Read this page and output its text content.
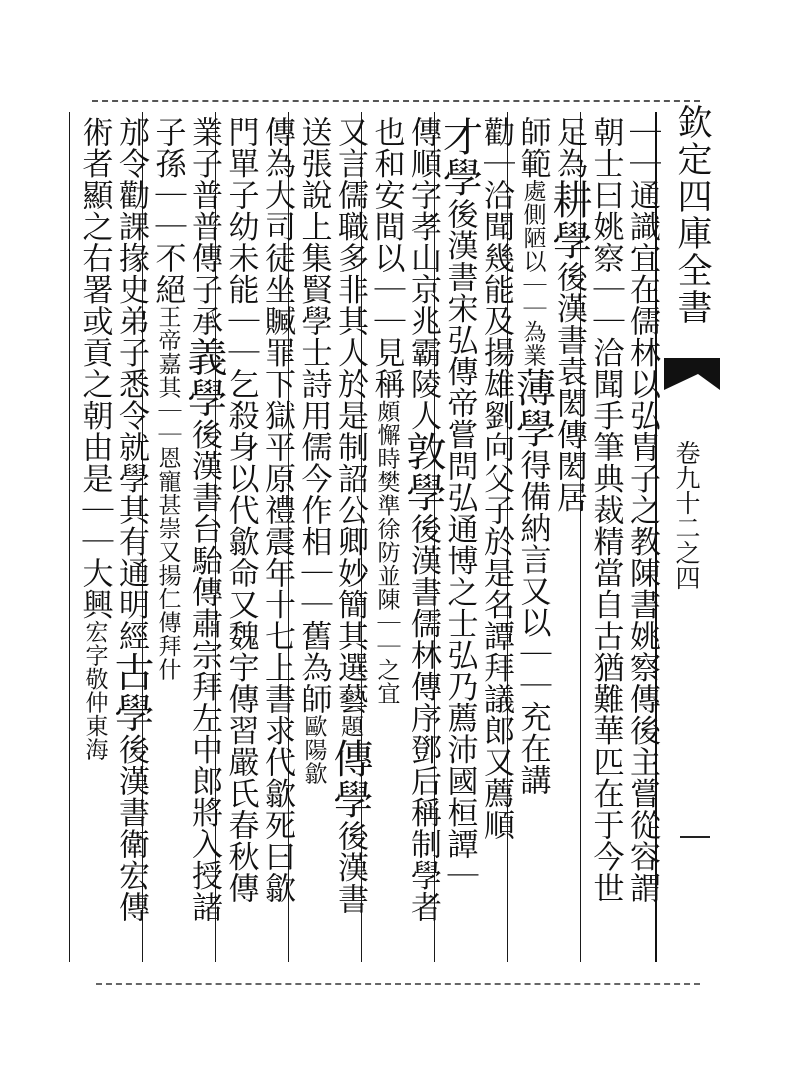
欽定四庫全書
卷九十二之四
｜｜通識宜在儒林以弘胄子之教陳書姚察傳後主嘗從容謂
朝士曰姚察｜｜洽聞手筆典裁精當自古猶難華匹在于今世
足為耕學後漢書袁閎傳閎居
師範處側陋以｜｜為業薄學得備納言又以｜｜充在講
勸｜洽聞幾能及揚雄劉向父子於是名譚拜議郎又薦順
才學後漢書宋弘傳帝嘗問弘通博之士弘乃薦沛國桓譚｜
傳順字孝山京兆霸陵人敦學後漢書儒林傳序鄧后稱制學者
也和安間以｜｜見稱頗懈時樊準徐防並陳｜｜之宜
又言儒職多非其人於是制詔公卿妙簡其選藝題傳學後漢書
送張說上集賢學士詩用儒今作相｜｜舊為師歐陽歙
傳為大司徒坐贓罪下獄平原禮震年十七上書求代歙死曰歙
門單子幼未能｜｜乞殺身以代歙命又魏宇傳習嚴氏春秋傳
業子普普傳子承義學後漢書台駘傳肅宗拜左中郎將入授諸
子孫｜｜不絕王帝嘉其｜｜恩寵甚崇又揚仁傳拜什
邡令勸課掾史弟子悉令就學其有通明經古學後漢書衛宏傳
術者顯之右署或貢之朝由是｜｜大興宏字敬仲東海
